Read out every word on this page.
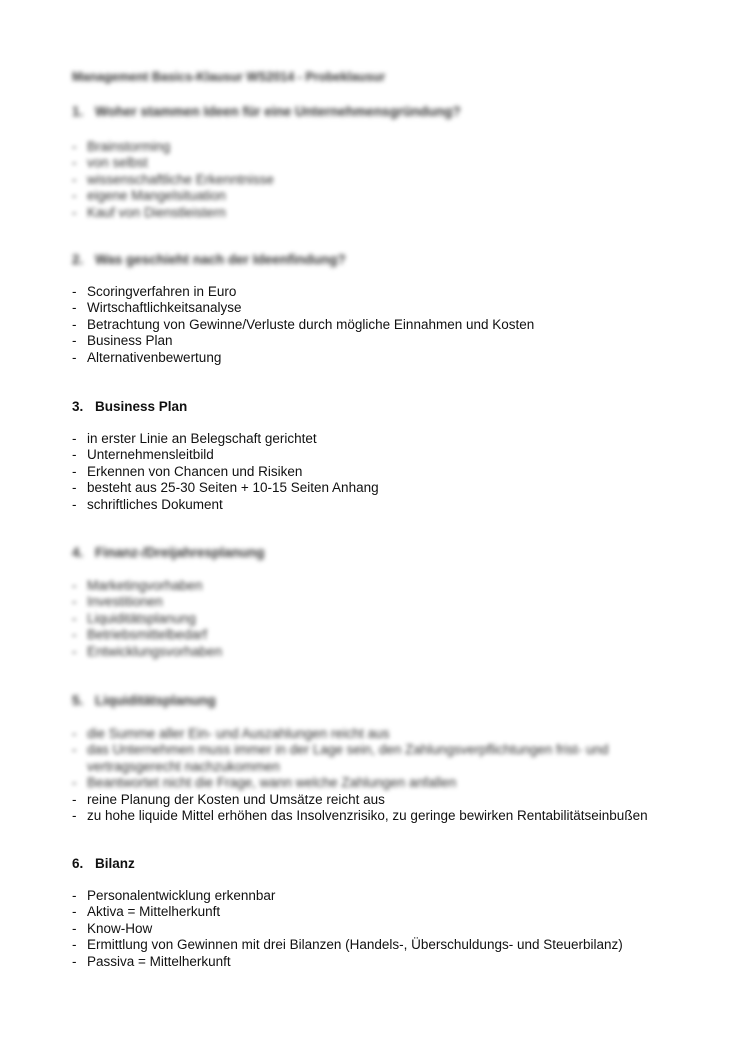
Management Basics-Klausur WS2014 - Probeklausur

1. Woher stammen Ideen für eine Unternehmensgründung?

- Brainstorming
- von selbst
- wissenschaftliche Erkenntnisse
- eigene Mangelsituation
- Kauf von Dienstleistern

2. Was geschieht nach der Ideenfindung?

- Scoringverfahren in Euro
- Wirtschaftlichkeitsanalyse
- Betrachtung von Gewinne/Verluste durch mögliche Einnahmen und Kosten
- Business Plan
- Alternativenbewertung

3. Business Plan

- in erster Linie an Belegschaft gerichtet
- Unternehmensleitbild
- Erkennen von Chancen und Risiken
- besteht aus 25-30 Seiten + 10-15 Seiten Anhang
- schriftliches Dokument

4. Finanz-/Dreijahresplanung

- Marketingvorhaben
- Investitionen
- Liquiditätsplanung
- Betriebsmittelbedarf
- Entwicklungsvorhaben

5. Liquiditätsplanung

- die Summe aller Ein- und Auszahlungen reicht aus
- das Unternehmen muss immer in der Lage sein, den Zahlungsverpflichtungen frist- und vertragsgerecht nachzukommen
- Beantwortet nicht die Frage, wann welche Zahlungen anfallen
- reine Planung der Kosten und Umsätze reicht aus
- zu hohe liquide Mittel erhöhen das Insolvenzrisiko, zu geringe bewirken Rentabilitätseinbußen

6. Bilanz

- Personalentwicklung erkennbar
- Aktiva = Mittelherkunft
- Know-How
- Ermittlung von Gewinnen mit drei Bilanzen (Handels-, Überschuldungs- und Steuerbilanz)
- Passiva = Mittelherkunft
